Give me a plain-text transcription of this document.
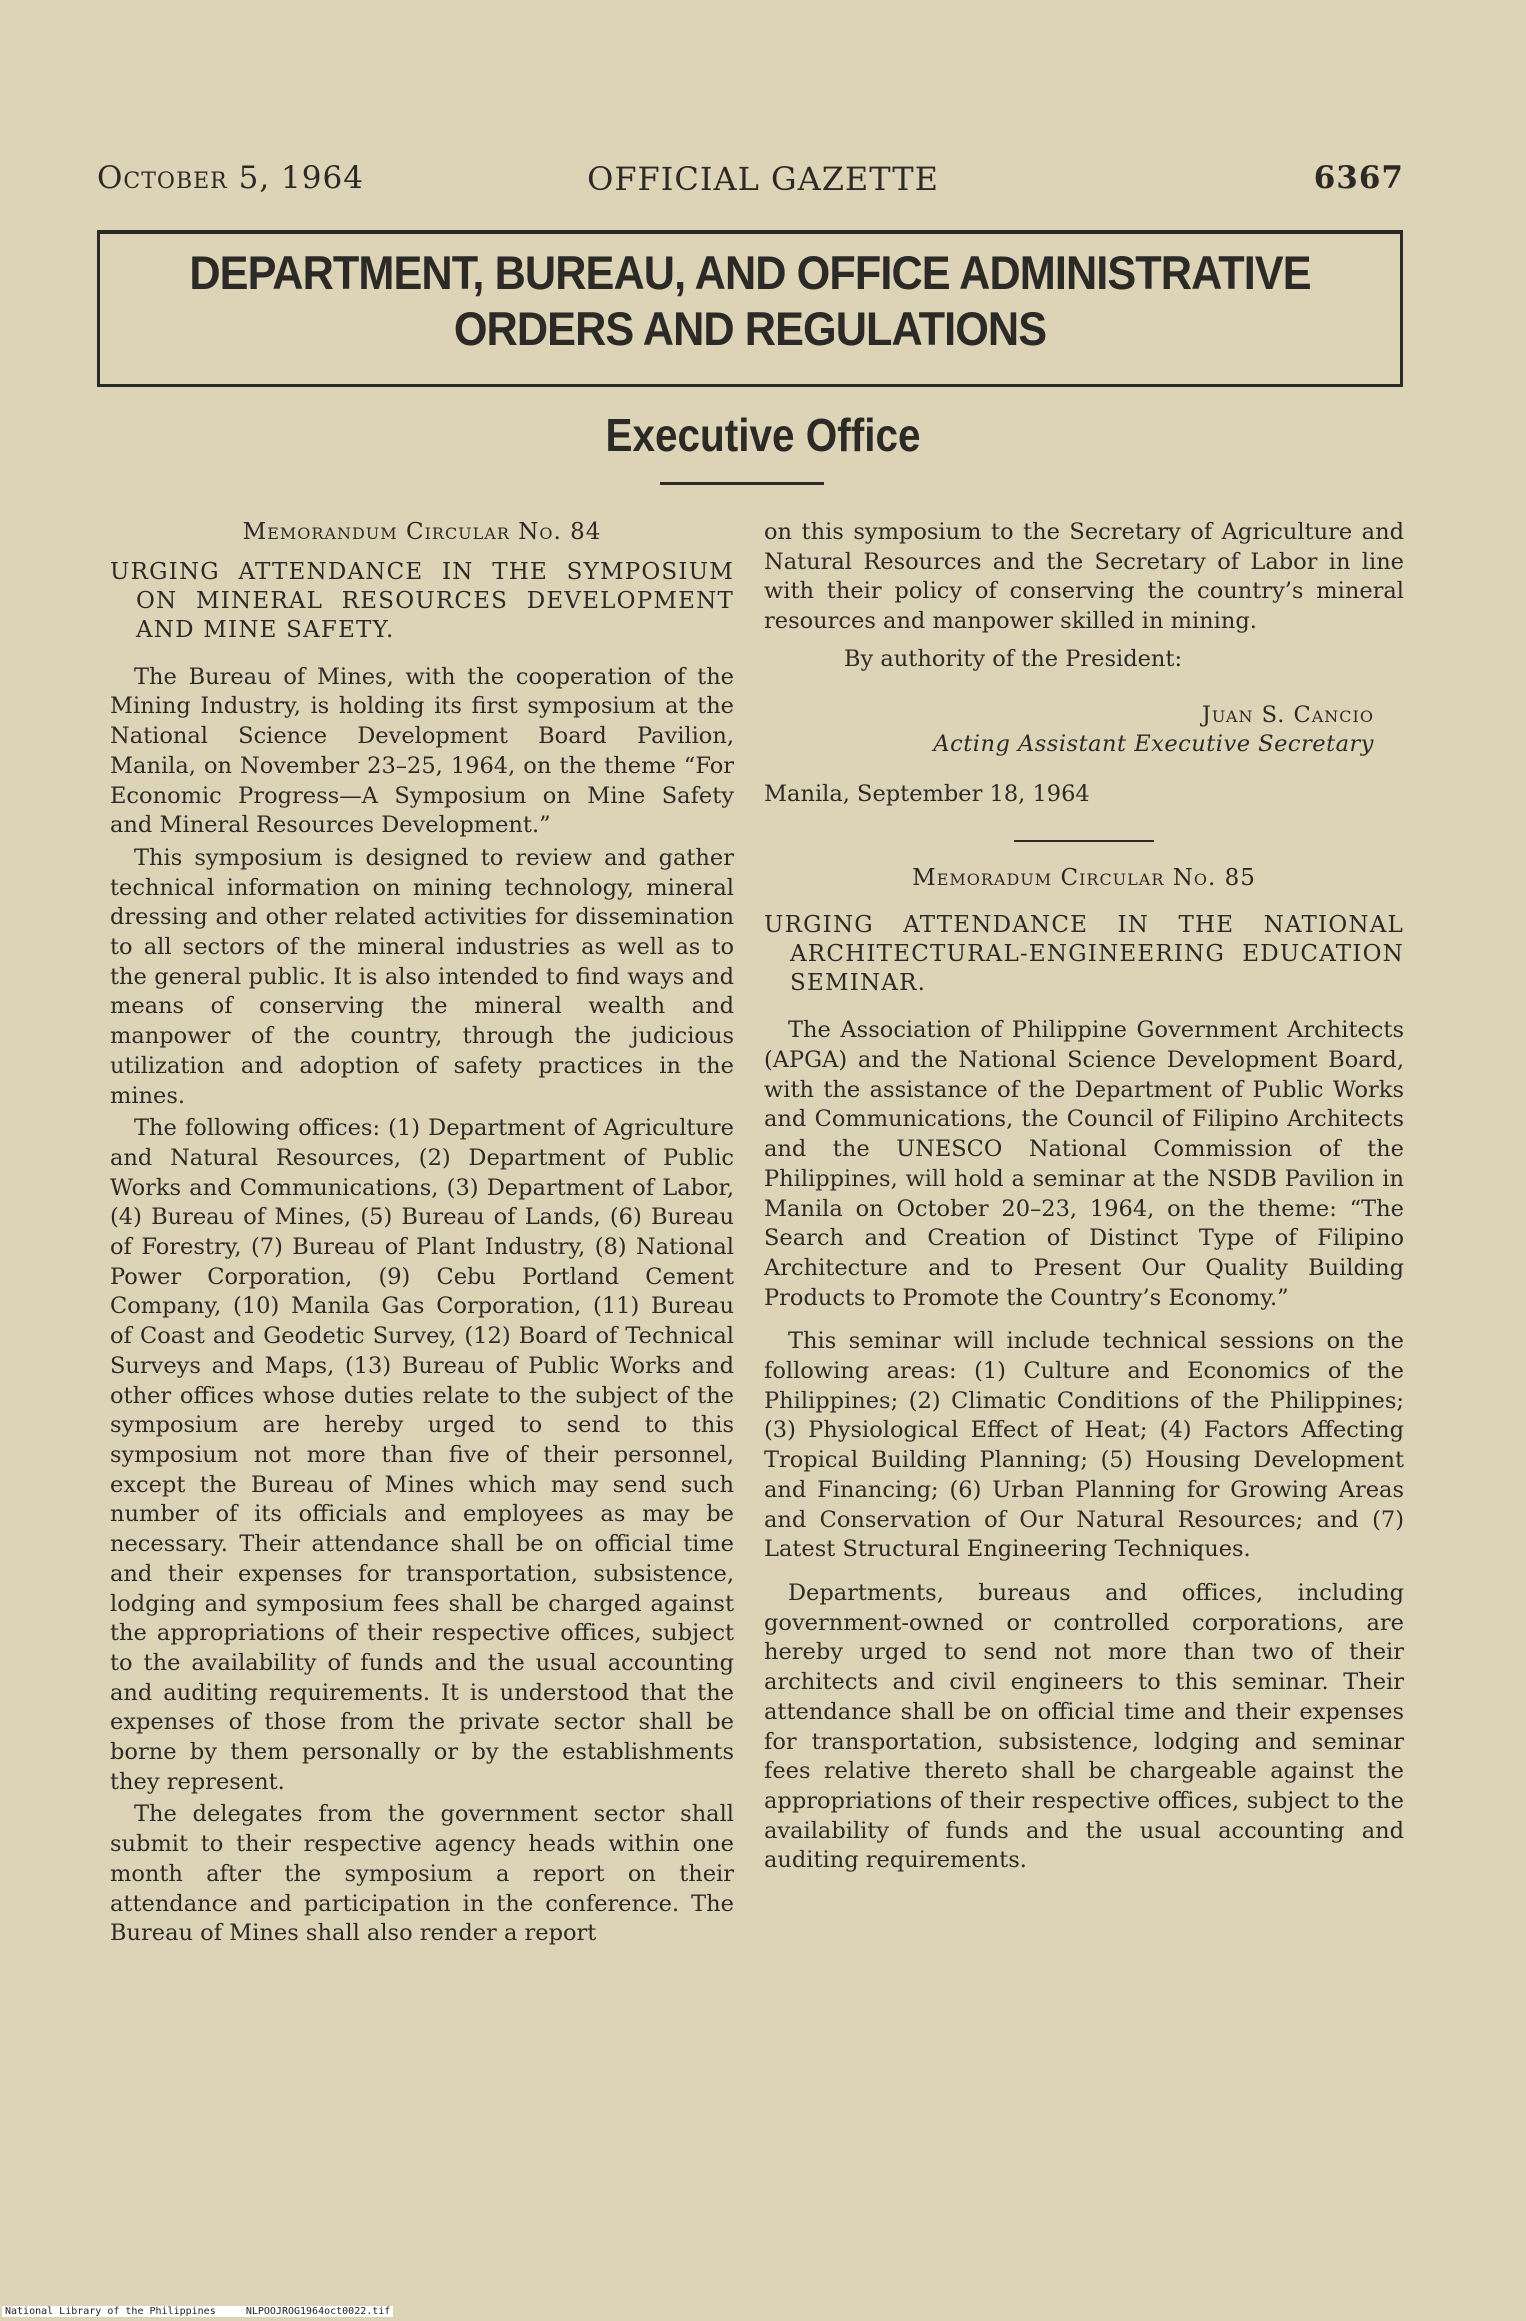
October 5, 1964	OFFICIAL GAZETTE	6367
DEPARTMENT, BUREAU, AND OFFICE ADMINISTRATIVE
ORDERS AND REGULATIONS
Executive Office
Memorandum Circular No. 84
URGING ATTENDANCE IN THE SYMPOSIUM ON MINERAL RESOURCES DEVELOPMENT AND MINE SAFETY.

The Bureau of Mines, with the cooperation of the Mining Industry, is holding its first symposium at the National Science Development Board Pavilion, Manila, on November 23–25, 1964, on the theme “For Economic Progress—A Symposium on Mine Safety and Mineral Resources Development.”

This symposium is designed to review and gather technical information on mining technology, mineral dressing and other related activities for dissemination to all sectors of the mineral industries as well as to the general public. It is also intended to find ways and means of conserving the mineral wealth and manpower of the country, through the judicious utilization and adoption of safety practices in the mines.

The following offices: (1) Department of Agriculture and Natural Resources, (2) Department of Public Works and Communications, (3) Department of Labor, (4) Bureau of Mines, (5) Bureau of Lands, (6) Bureau of Forestry, (7) Bureau of Plant Industry, (8) National Power Corporation, (9) Cebu Portland Cement Company, (10) Manila Gas Corporation, (11) Bureau of Coast and Geodetic Survey, (12) Board of Technical Surveys and Maps, (13) Bureau of Public Works and other offices whose duties relate to the subject of the symposium are hereby urged to send to this symposium not more than five of their personnel, except the Bureau of Mines which may send such number of its officials and employees as may be necessary. Their attendance shall be on official time and their expenses for transportation, subsistence, lodging and symposium fees shall be charged against the appropriations of their respective offices, subject to the availability of funds and the usual accounting and auditing requirements. It is understood that the expenses of those from the private sector shall be borne by them personally or by the establishments they represent.

The delegates from the government sector shall submit to their respective agency heads within one month after the symposium a report on their attendance and participation in the conference. The Bureau of Mines shall also render a report

on this symposium to the Secretary of Agriculture and Natural Resources and the Secretary of Labor in line with their policy of conserving the country’s mineral resources and manpower skilled in mining.

By authority of the President:

Juan S. Cancio
Acting Assistant Executive Secretary
Manila, September 18, 1964
Memoradum Circular No. 85
URGING ATTENDANCE IN THE NATIONAL ARCHITECTURAL-ENGINEERING EDUCATION SEMINAR.

The Association of Philippine Government Architects (APGA) and the National Science Development Board, with the assistance of the Department of Public Works and Communications, the Council of Filipino Architects and the UNESCO National Commission of the Philippines, will hold a seminar at the NSDB Pavilion in Manila on October 20–23, 1964, on the theme: “The Search and Creation of Distinct Type of Filipino Architecture and to Present Our Quality Building Products to Promote the Country’s Economy.”

This seminar will include technical sessions on the following areas: (1) Culture and Economics of the Philippines; (2) Climatic Conditions of the Philippines; (3) Physiological Effect of Heat; (4) Factors Affecting Tropical Building Planning; (5) Housing Development and Financing; (6) Urban Planning for Growing Areas and Conservation of Our Natural Resources; and (7) Latest Structural Engineering Techniques.

Departments, bureaus and offices, including government-owned or controlled corporations, are hereby urged to send not more than two of their architects and civil engineers to this seminar. Their attendance shall be on official time and their expenses for transportation, subsistence, lodging and seminar fees relative thereto shall be chargeable against the appropriations of their respective offices, subject to the availability of funds and the usual accounting and auditing requirements.

National Library of the Philippines     NLPOOJROG1964oct0022.tif
